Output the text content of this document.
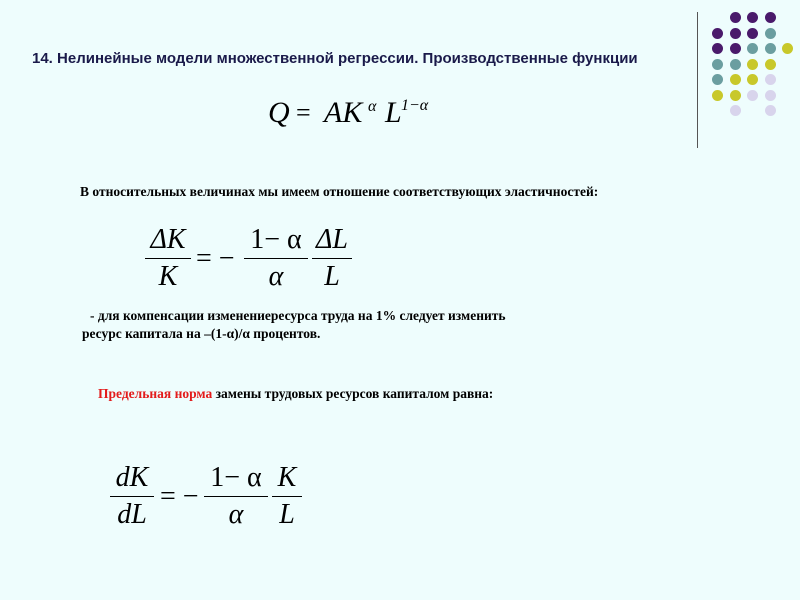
14. Нелинейные модели множественной регрессии. Производственные функции
Q = AK α L 1−α
В относительных величинах мы имеем отношение соответствующих эластичностей:
ΔK
K
= −
1− α
α
ΔL
L
- для компенсации изменениересурса труда на 1% следует изменить
ресурс капитала на –(1-α)/α процентов.
Предельная норма замены трудовых ресурсов капиталом равна:
dK
dL
= −
1− α
α
K
L
